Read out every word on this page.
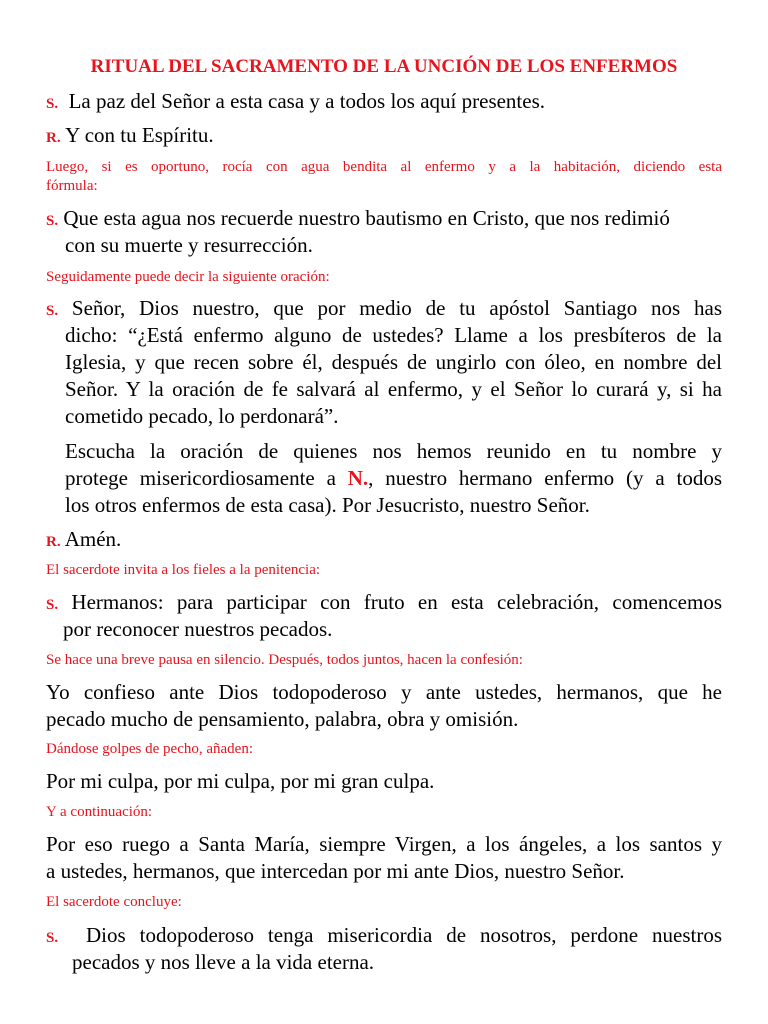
RITUAL DEL SACRAMENTO DE LA UNCIÓN DE LOS ENFERMOS
S. La paz del Señor a esta casa y a todos los aquí presentes.
R. Y con tu Espíritu.
Luego, si es oportuno, rocía con agua bendita al enfermo y a la habitación, diciendo esta
fórmula:
S. Que esta agua nos recuerde nuestro bautismo en Cristo, que nos redimió
con su muerte y resurrección.
Seguidamente puede decir la siguiente oración:
S. Señor, Dios nuestro, que por medio de tu apóstol Santiago nos has
dicho: “¿Está enfermo alguno de ustedes? Llame a los presbíteros de la
Iglesia, y que recen sobre él, después de ungirlo con óleo, en nombre del
Señor. Y la oración de fe salvará al enfermo, y el Señor lo curará y, si ha
cometido pecado, lo perdonará”.
Escucha la oración de quienes nos hemos reunido en tu nombre y
protege misericordiosamente a N., nuestro hermano enfermo (y a todos
los otros enfermos de esta casa). Por Jesucristo, nuestro Señor.
R. Amén.
El sacerdote invita a los fieles a la penitencia:
S. Hermanos: para participar con fruto en esta celebración, comencemos
por reconocer nuestros pecados.
Se hace una breve pausa en silencio. Después, todos juntos, hacen la confesión:
Yo confieso ante Dios todopoderoso y ante ustedes, hermanos, que he
pecado mucho de pensamiento, palabra, obra y omisión.
Dándose golpes de pecho, añaden:
Por mi culpa, por mi culpa, por mi gran culpa.
Y a continuación:
Por eso ruego a Santa María, siempre Virgen, a los ángeles, a los santos y
a ustedes, hermanos, que intercedan por mi ante Dios, nuestro Señor.
El sacerdote concluye:
S. Dios todopoderoso tenga misericordia de nosotros, perdone nuestros
pecados y nos lleve a la vida eterna.
